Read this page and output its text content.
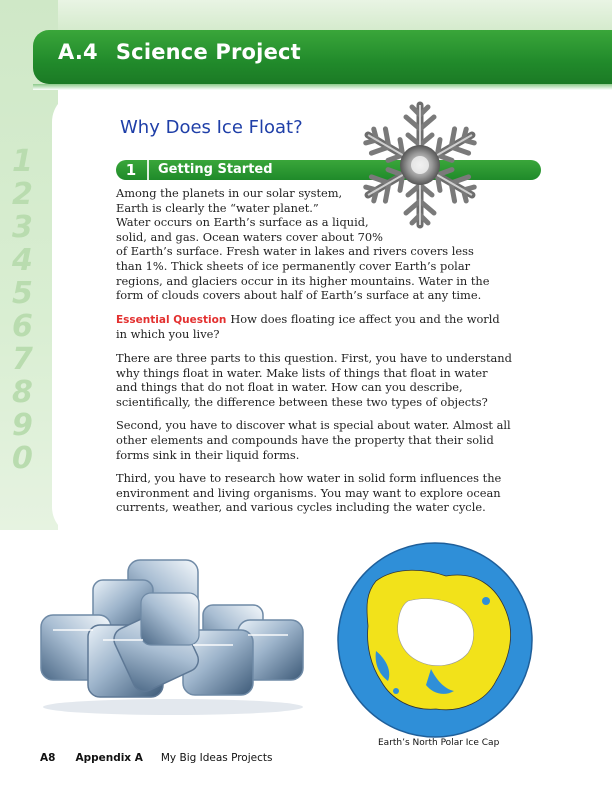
A.4 Science Project
1
2
3
4
5
6
7
8
9
0
Why Does Ice Float?
1	Getting Started

Among the planets in our solar system,
Earth is clearly the “water planet.”
Water occurs on Earth’s surface as a liquid,
solid, and gas. Ocean waters cover about 70%
of Earth’s surface. Fresh water in lakes and rivers covers less
than 1%. Thick sheets of ice permanently cover Earth’s polar
regions, and glaciers occur in its higher mountains. Water in the
form of clouds covers about half of Earth’s surface at any time.

Essential Question How does floating ice affect you and the world in which you live?

There are three parts to this question. First, you have to understand why things float in water. Make lists of things that float in water and things that do not float in water. How can you describe, scientifically, the difference between these two types of objects?

Second, you have to discover what is special about water. Almost all other elements and compounds have the property that their solid forms sink in their liquid forms.

Third, you have to research how water in solid form influences the environment and living organisms. You may want to explore ocean currents, weather, and various cycles including the water cycle.

Earth’s North Polar Ice Cap
A8 Appendix A My Big Ideas Projects
